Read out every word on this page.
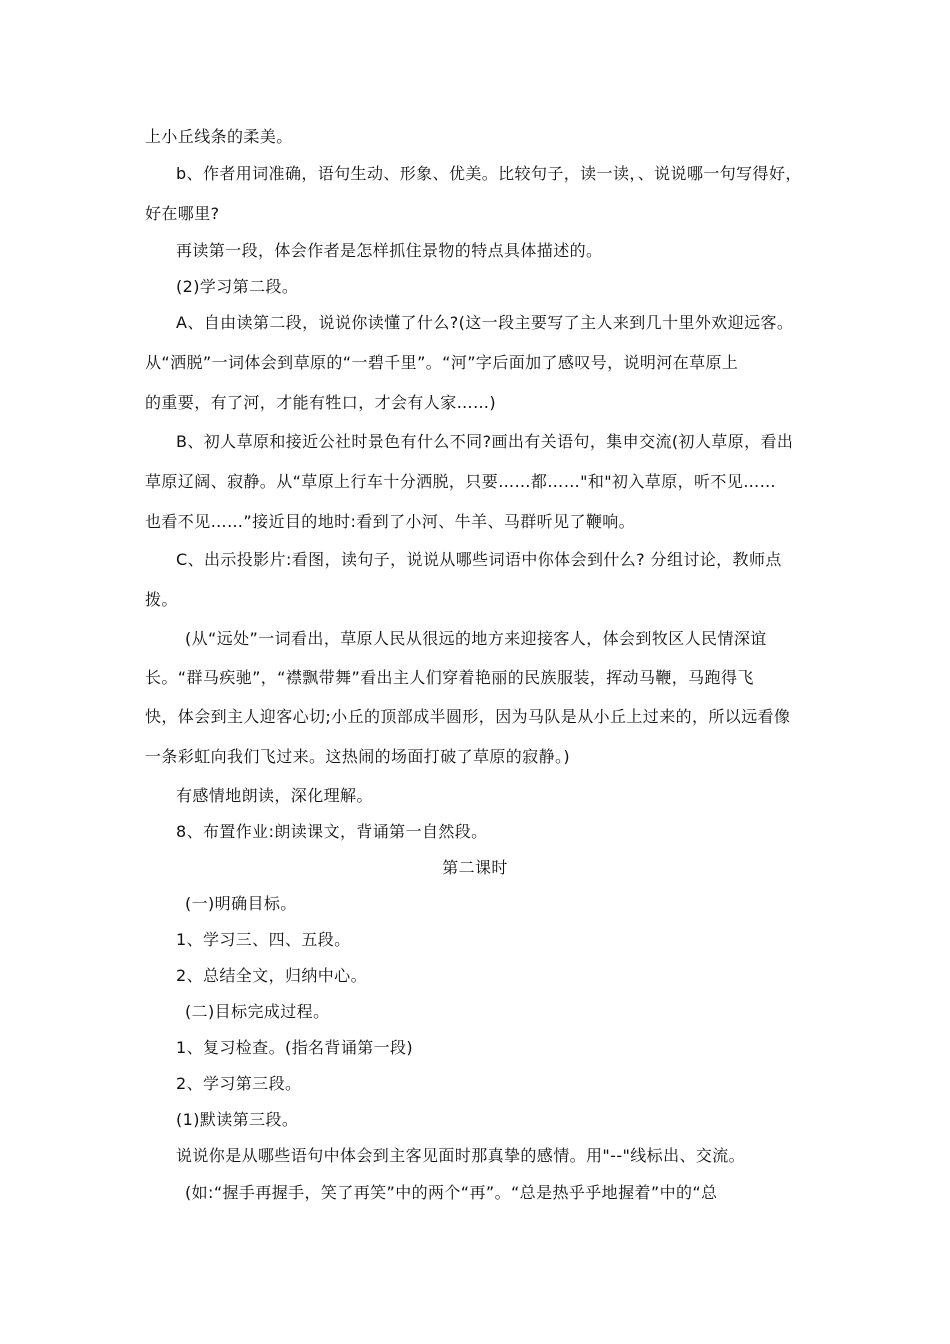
上小丘线条的柔美。
b、作者用词准确，语句生动、形象、优美。比较句子，读一读，、说说哪一句写得好，
好在哪里?
再读第一段，体会作者是怎样抓住景物的特点具体描述的。
(2)学习第二段。
A、自由读第二段，说说你读懂了什么?(这一段主要写了主人来到几十里外欢迎远客。
从“洒脱”一词体会到草原的“一碧千里”。“河”字后面加了感叹号，说明河在草原上
的重要，有了河，才能有牲口，才会有人家……)
B、初人草原和接近公社时景色有什么不同?画出有关语句，集申交流(初人草原，看出
草原辽阔、寂静。从“草原上行车十分洒脱，只要……都……"和"初入草原，听不见……
也看不见……”接近目的地时:看到了小河、牛羊、马群听见了鞭响。
C、出示投影片:看图，读句子，说说从哪些词语中你体会到什么? 分组讨论，教师点
拨。
(从“远处”一词看出，草原人民从很远的地方来迎接客人，体会到牧区人民情深谊
长。“群马疾驰”，“襟飘带舞”看出主人们穿着艳丽的民族服装，挥动马鞭，马跑得飞
快，体会到主人迎客心切;小丘的顶部成半圆形，因为马队是从小丘上过来的，所以远看像
一条彩虹向我们飞过来。这热闹的场面打破了草原的寂静。)
有感情地朗读，深化理解。
8、布置作业:朗读课文，背诵第一自然段。
第二课时
(一)明确目标。
1、学习三、四、五段。
2、总结全文，归纳中心。
(二)目标完成过程。
1、复习检查。(指名背诵第一段)
2、学习第三段。
(1)默读第三段。
说说你是从哪些语句中体会到主客见面时那真挚的感情。用"--"线标出、交流。
(如:“握手再握手，笑了再笑”中的两个“再”。“总是热乎乎地握着”中的“总
